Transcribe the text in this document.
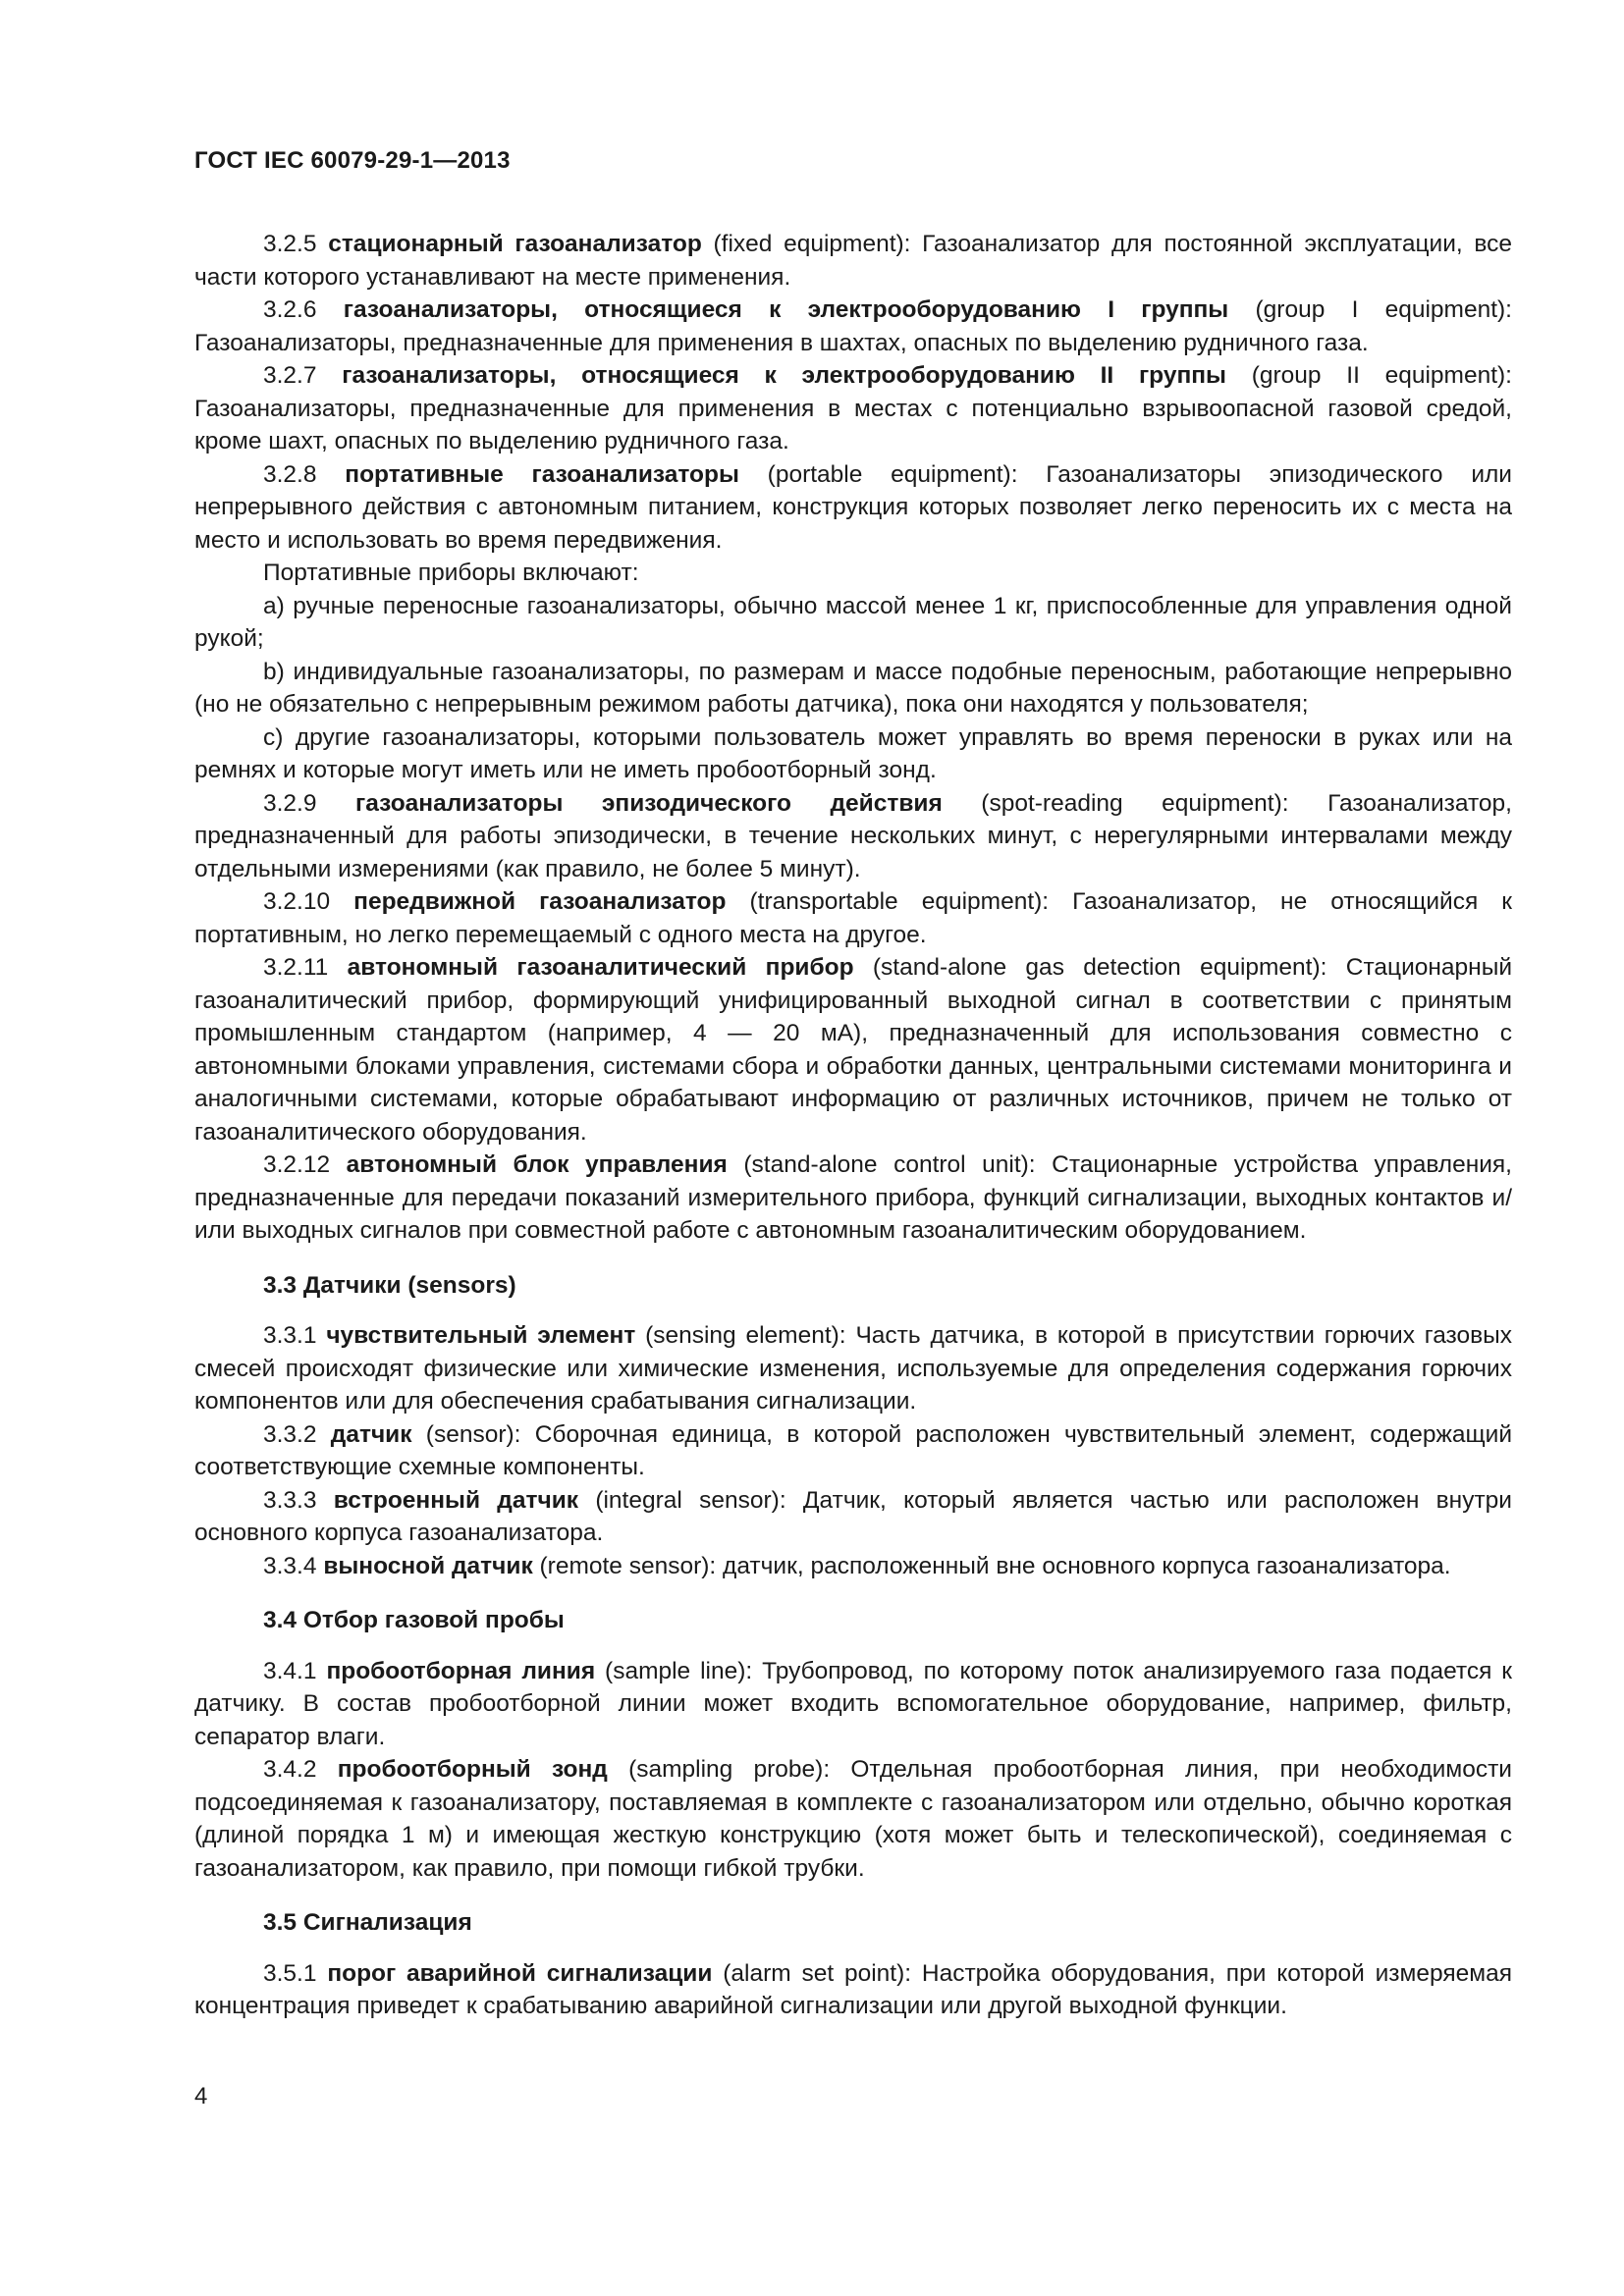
ГОСТ IEC 60079-29-1—2013

3.2.5 стационарный газоанализатор (fixed equipment): Газоанализатор для постоянной эксплуатации, все части которого устанавливают на месте применения.

3.2.6 газоанализаторы, относящиеся к электрооборудованию I группы (group I equipment): Газоанализаторы, предназначенные для применения в шахтах, опасных по выделению рудничного газа.

3.2.7 газоанализаторы, относящиеся к электрооборудованию II группы (group II equipment): Газоанализаторы, предназначенные для применения в местах с потенциально взрывоопасной газовой средой, кроме шахт, опасных по выделению рудничного газа.

3.2.8 портативные газоанализаторы (portable equipment): Газоанализаторы эпизодического или непрерывного действия с автономным питанием, конструкция которых позволяет легко переносить их с места на место и использовать во время передвижения.

Портативные приборы включают:

а) ручные переносные газоанализаторы, обычно массой менее 1 кг, приспособленные для управления одной рукой;

b) индивидуальные газоанализаторы, по размерам и массе подобные переносным, работающие непрерывно (но не обязательно с непрерывным режимом работы датчика), пока они находятся у пользователя;

c) другие газоанализаторы, которыми пользователь может управлять во время переноски в руках или на ремнях и которые могут иметь или не иметь пробоотборный зонд.

3.2.9 газоанализаторы эпизодического действия (spot-reading equipment): Газоанализатор, предназначенный для работы эпизодически, в течение нескольких минут, с нерегулярными интервалами между отдельными измерениями (как правило, не более 5 минут).

3.2.10 передвижной газоанализатор (transportable equipment): Газоанализатор, не относящийся к портативным, но легко перемещаемый с одного места на другое.

3.2.11 автономный газоаналитический прибор (stand-alone gas detection equipment): Стационарный газоаналитический прибор, формирующий унифицированный выходной сигнал в соответствии с принятым промышленным стандартом (например, 4 — 20 мА), предназначенный для использования совместно с автономными блоками управления, системами сбора и обработки данных, центральными системами мониторинга и аналогичными системами, которые обрабатывают информацию от различных источников, причем не только от газоаналитического оборудования.

3.2.12 автономный блок управления (stand-alone control unit): Стационарные устройства управления, предназначенные для передачи показаний измерительного прибора, функций сигнализации, выходных контактов и/или выходных сигналов при совместной работе с автономным газоаналитическим оборудованием.

3.3 Датчики (sensors)

3.3.1 чувствительный элемент (sensing element): Часть датчика, в которой в присутствии горючих газовых смесей происходят физические или химические изменения, используемые для определения содержания горючих компонентов или для обеспечения срабатывания сигнализации.

3.3.2 датчик (sensor): Сборочная единица, в которой расположен чувствительный элемент, содержащий соответствующие схемные компоненты.

3.3.3 встроенный датчик (integral sensor): Датчик, который является частью или расположен внутри основного корпуса газоанализатора.

3.3.4 выносной датчик (remote sensor): датчик, расположенный вне основного корпуса газоанализатора.

3.4 Отбор газовой пробы

3.4.1 пробоотборная линия (sample line): Трубопровод, по которому поток анализируемого газа подается к датчику. В состав пробоотборной линии может входить вспомогательное оборудование, например, фильтр, сепаратор влаги.

3.4.2 пробоотборный зонд (sampling probe): Отдельная пробоотборная линия, при необходимости подсоединяемая к газоанализатору, поставляемая в комплекте с газоанализатором или отдельно, обычно короткая (длиной порядка 1 м) и имеющая жесткую конструкцию (хотя может быть и телескопической), соединяемая с газоанализатором, как правило, при помощи гибкой трубки.

3.5 Сигнализация

3.5.1 порог аварийной сигнализации (alarm set point): Настройка оборудования, при которой измеряемая концентрация приведет к срабатыванию аварийной сигнализации или другой выходной функции.

4
